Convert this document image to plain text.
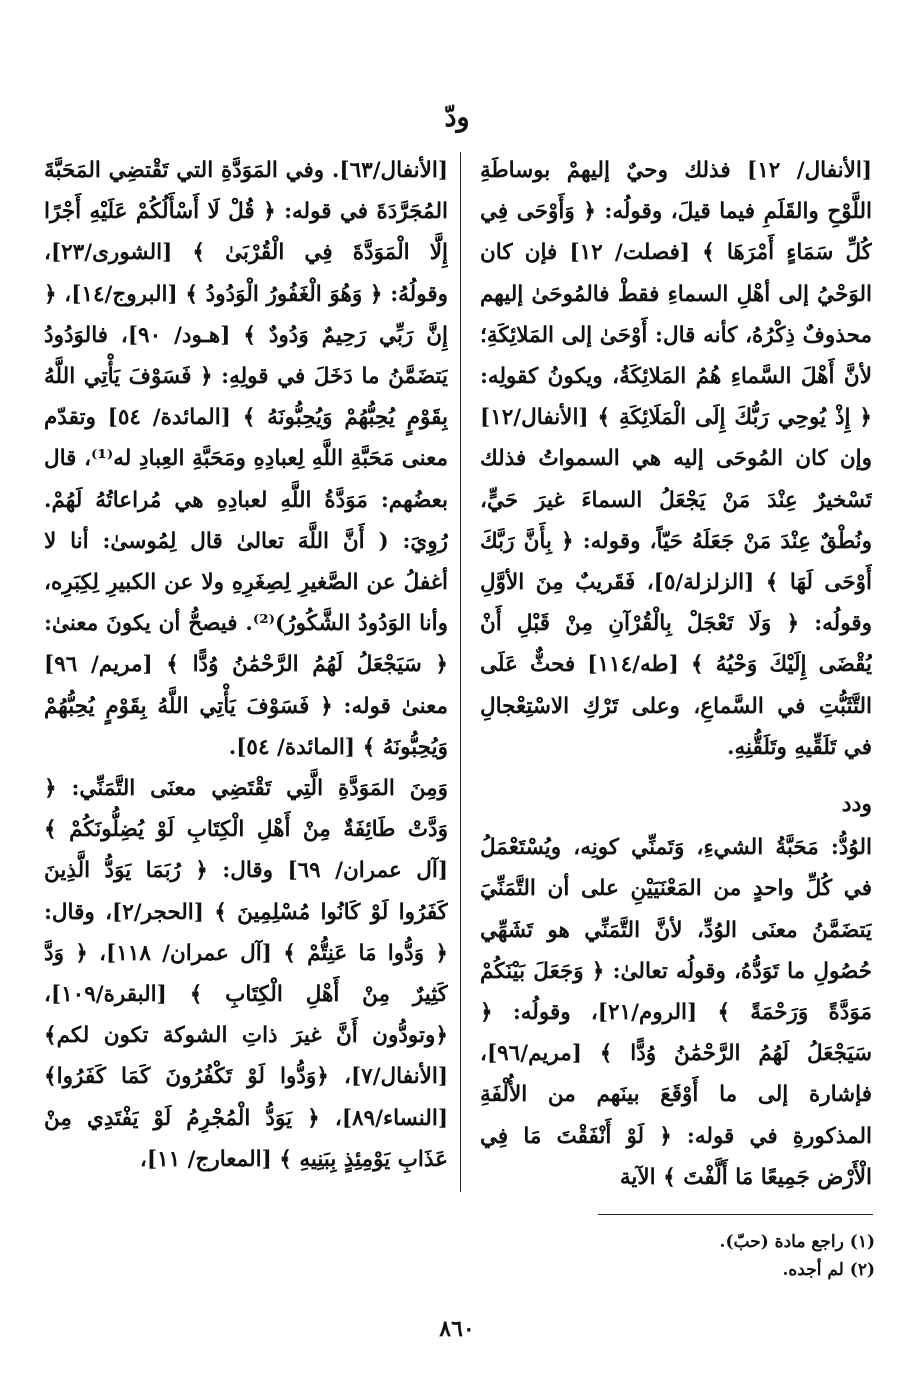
ودّ

[الأنفال/ ١٢] فذلك وحيٌ إليهمْ بوساطَةِ اللَّوْحِ والقَلَمِ فيما قيلَ، وقولُه: ﴿ وَأَوْحَى فِي كُلِّ سَمَاءٍ أَمْرَهَا ﴾ [فصلت/ ١٢] فإن كان الوَحْيُ إلى أهْلِ السماءِ فقطْ فالمُوحَىٰ إليهم محذوفٌ ذِكْرُهُ، كأنه قال: أَوْحَىٰ إلى المَلائِكَةِ؛ لأنَّ أَهْلَ السَّماءِ هُمُ المَلائِكَةُ، ويكونُ كقولِه: ﴿ إِذْ يُوحِي رَبُّكَ إِلَى الْمَلَائِكَةِ ﴾ [الأنفال/١٢] وإن كان المُوحَى إليه هي السمواتُ فذلك تَسْخيرٌ عِنْدَ مَنْ يَجْعَلُ السماءَ غيرَ حَيٍّ، ونُطْقٌ عِنْدَ مَنْ جَعَلَهُ حَيّاً، وقوله: ﴿ بِأَنَّ رَبَّكَ أَوْحَى لَهَا ﴾ [الزلزلة/٥]، فَقَريبٌ مِنَ الأوَّلِ وقولُه: ﴿ وَلَا تَعْجَلْ بِالْقُرْآنِ مِنْ قَبْلِ أَنْ يُقْضَى إِلَيْكَ وَحْيُهُ ﴾ [طه/١١٤] فحثٌّ عَلَى التَّثَبُّتِ في السَّماعِ، وعلى تَرْكِ الاسْتِعْجالِ في تَلَقِّيهِ وتَلَقُّنِهِ.

ودد

الوُدُّ: مَحَبَّةُ الشيءِ، وَتَمنِّي كونِه، ويُسْتَعْمَلُ في كُلِّ واحدٍ من المَعْنَيَيْنِ على أن التَّمَنِّيَ يَتضَمَّنُ معنَى الوُدِّ، لأنَّ التَّمَنِّي هو تَشَهِّي حُصُولِ ما تَوَدُّهُ، وقولُه تعالىٰ: ﴿ وَجَعَلَ بَيْنَكُمْ مَوَدَّةً وَرَحْمَةً ﴾ [الروم/٢١]، وقولُه: ﴿ سَيَجْعَلُ لَهُمُ الرَّحْمَٰنُ وُدًّا ﴾ [مريم/٩٦]، فإشارة إلى ما أَوْقَعَ بينَهم من الأُلْفَةِ المذكورةِ في قوله: ﴿ لَوْ أَنْفَقْتَ مَا فِي الْأَرْضِ جَمِيعًا مَا أَلَّفْتَ ﴾ الآية

[الأنفال/٦٣]. وفي المَوَدَّةِ التي تَقْتضِي المَحَبَّةَ المُجَرَّدَةَ في قوله: ﴿ قُلْ لَا أَسْأَلُكُمْ عَلَيْهِ أَجْرًا إِلَّا الْمَوَدَّةَ فِي الْقُرْبَىٰ ﴾ [الشورى/٢٣]، وقولُهُ: ﴿ وَهُوَ الْغَفُورُ الْوَدُودُ ﴾ [البروج/١٤]، ﴿ إِنَّ رَبِّي رَحِيمٌ وَدُودٌ ﴾ [هـود/ ٩٠]، فالوَدُودُ يَتضَمَّنُ ما دَخَلَ في قولِهِ: ﴿ فَسَوْفَ يَأْتِي اللَّهُ بِقَوْمٍ يُحِبُّهُمْ وَيُحِبُّونَهُ ﴾ [المائدة/ ٥٤] وتقدّم معنى مَحَبَّةِ اللَّهِ لِعبادِهِ ومَحَبَّةِ العِبادِ له⁽¹⁾، قال بعضُهم: مَوَدَّةُ اللَّهِ لعبادِهِ هي مُراعاتُهُ لَهُمْ. رُوِيَ: ( أَنَّ اللَّهَ تعالىٰ قال لِمُوسىٰ: أنا لا أغفلُ عن الصَّغيرِ لِصِغَرِهِ ولا عن الكبيرِ لِكِبَرِه، وأنا الوَدُودُ الشَّكُورُ)⁽²⁾. فيصحُّ أن يكونَ معنىٰ: ﴿ سَيَجْعَلُ لَهُمُ الرَّحْمَٰنُ وُدًّا ﴾ [مريم/ ٩٦] معنىٰ قوله: ﴿ فَسَوْفَ يَأْتِي اللَّهُ بِقَوْمٍ يُحِبُّهُمْ وَيُحِبُّونَهُ ﴾ [المائدة/ ٥٤].

وَمِنَ المَوَدَّةِ الَّتِي تَقْتَضِي معنَى التَّمَنِّي: ﴿ وَدَّتْ طَائِفَةٌ مِنْ أَهْلِ الْكِتَابِ لَوْ يُضِلُّونَكُمْ ﴾ [آل عمران/ ٦٩] وقال: ﴿ رُبَمَا يَوَدُّ الَّذِينَ كَفَرُوا لَوْ كَانُوا مُسْلِمِينَ ﴾ [الحجر/٢]، وقال: ﴿ وَدُّوا مَا عَنِتُّمْ ﴾ [آل عمران/ ١١٨]، ﴿ وَدَّ كَثِيرٌ مِنْ أَهْلِ الْكِتَابِ ﴾ [البقرة/١٠٩]، ﴿وتودُّون أَنَّ غيرَ ذاتِ الشوكة تكون لكم﴾ [الأنفال/٧]، ﴿وَدُّوا لَوْ تَكْفُرُونَ كَمَا كَفَرُوا﴾ [النساء/٨٩]، ﴿ يَوَدُّ الْمُجْرِمُ لَوْ يَفْتَدِي مِنْ عَذَابِ يَوْمِئِذٍ بِبَنِيهِ ﴾ [المعارج/ ١١]،

(١) راجع مادة (حبّ).
(٢) لم أجده.
٨٦٠
